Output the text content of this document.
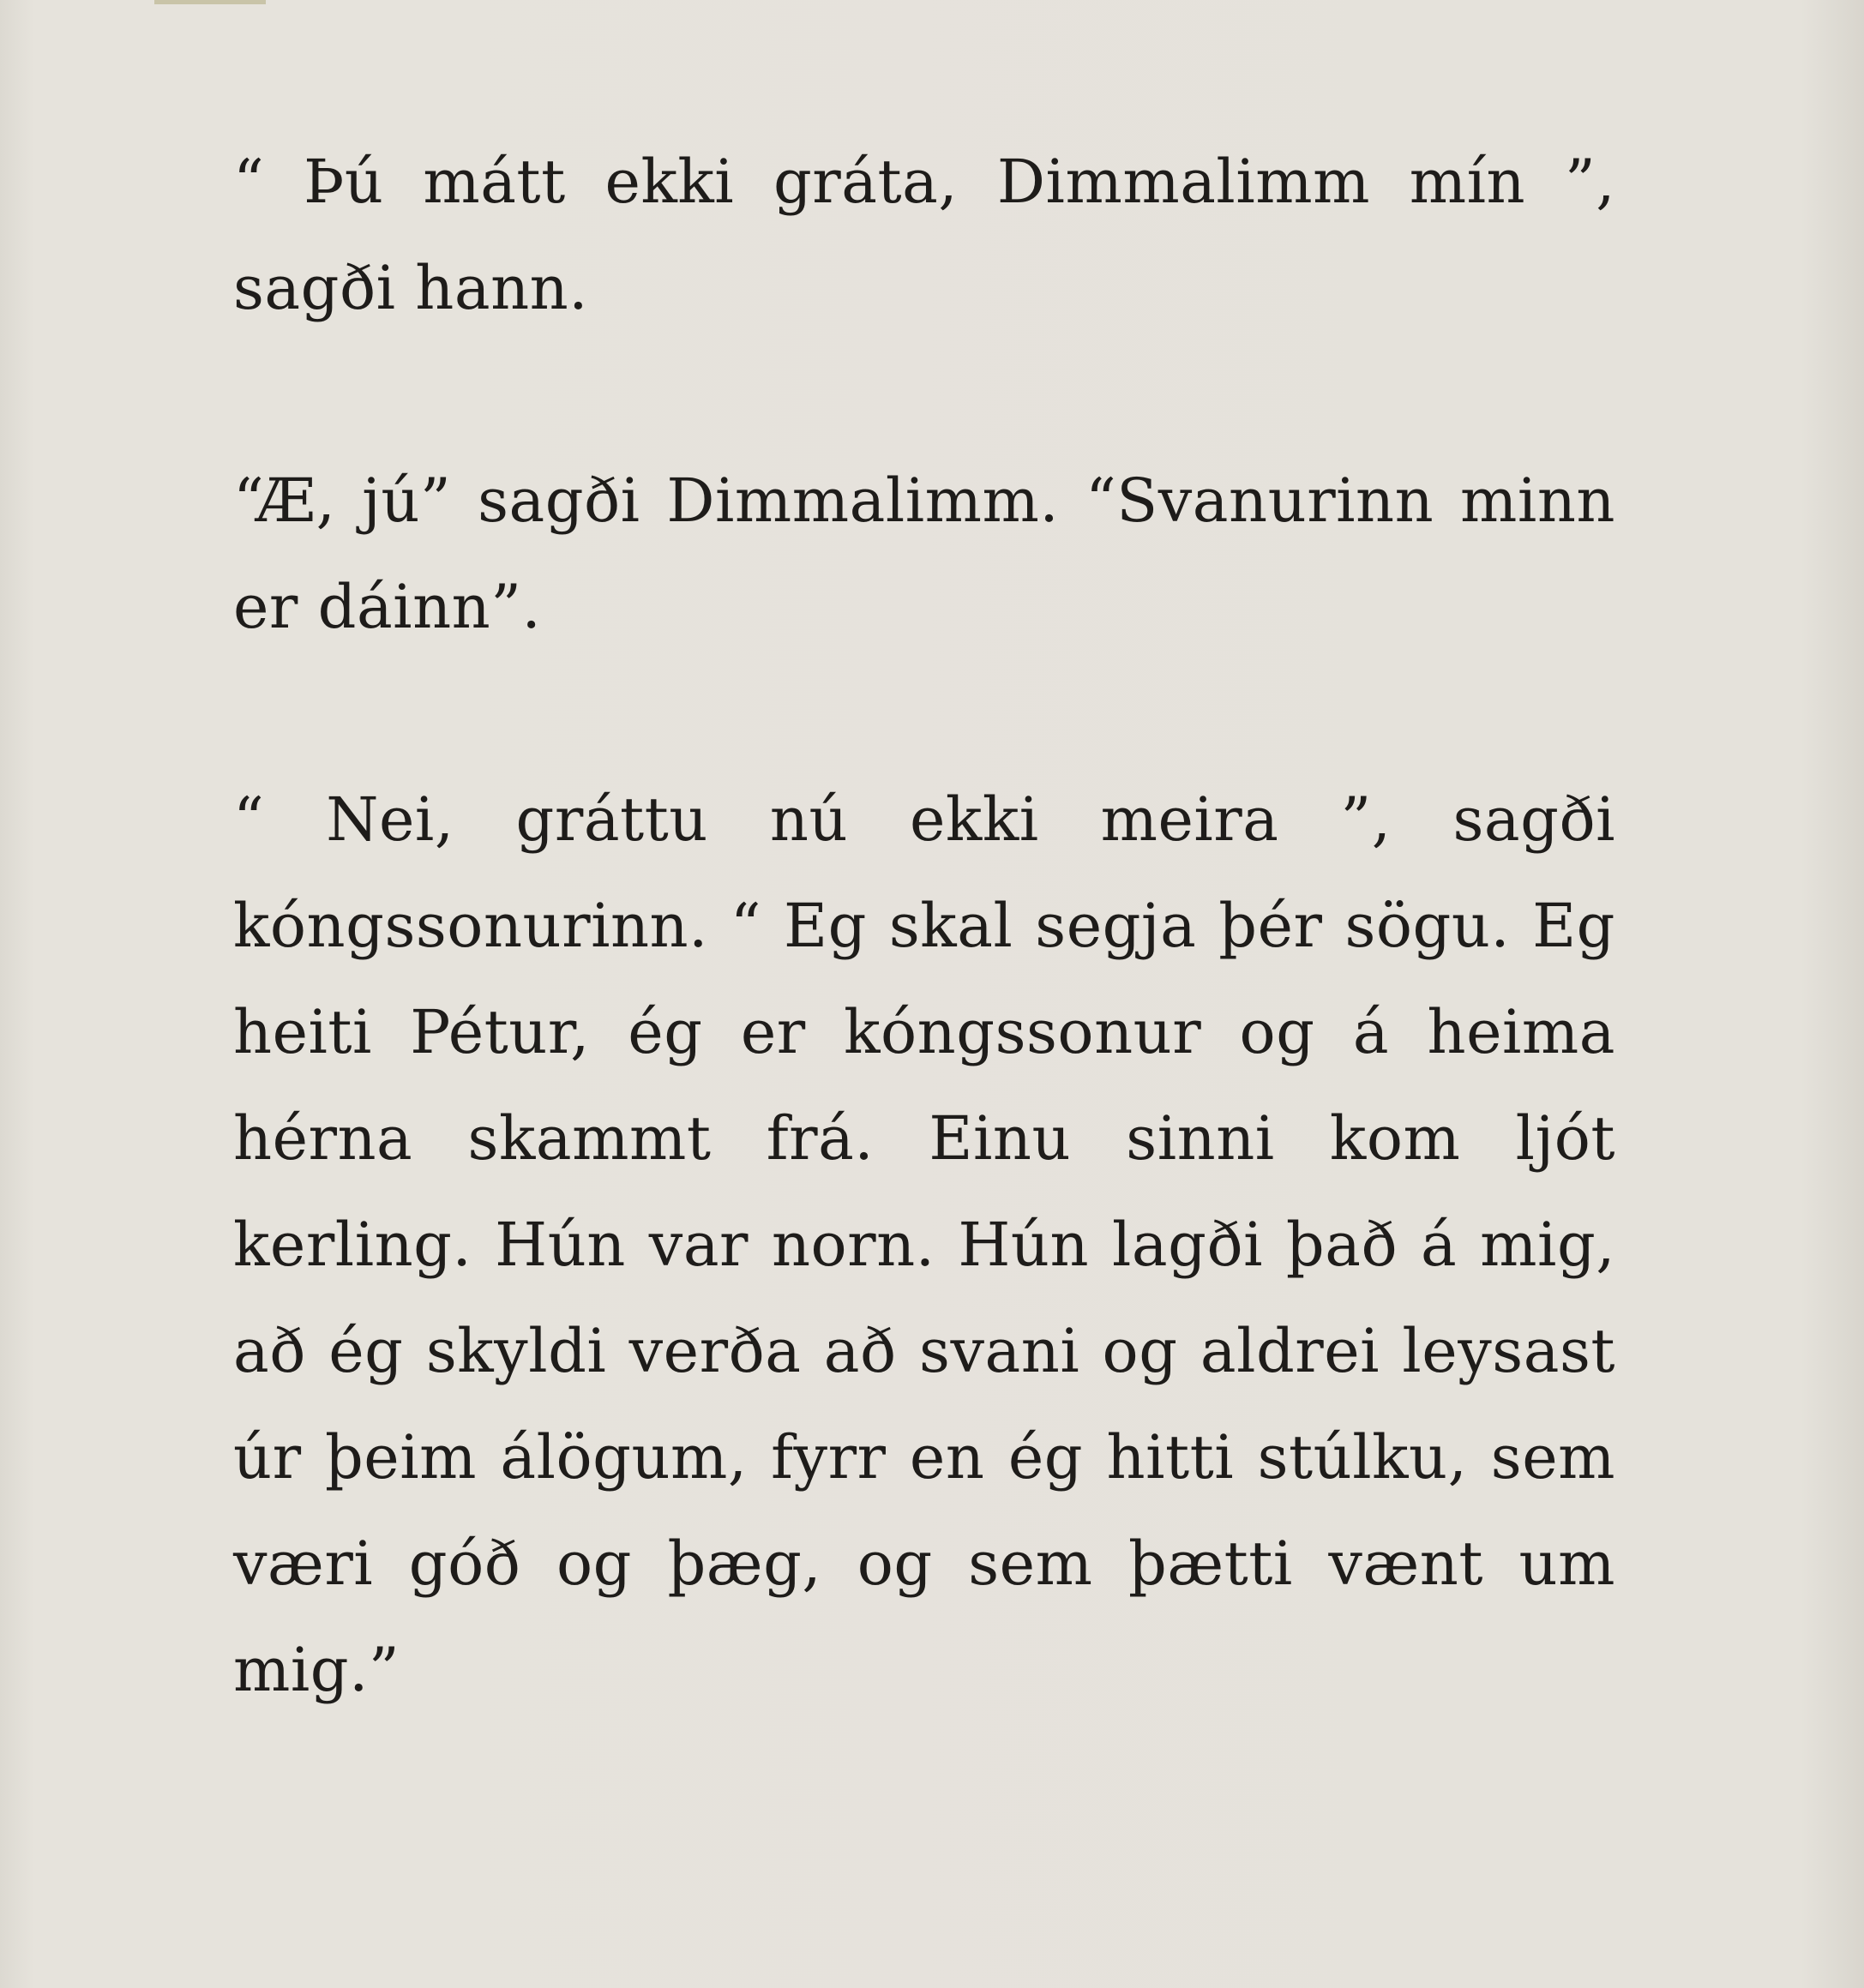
“ Þú mátt ekki gráta, Dimmalimm mín ”, sagði hann.

“Æ, jú” sagði Dimmalimm. “Svanurinn minn er dáinn”.

“ Nei, gráttu nú ekki meira ”, sagði kóngssonurinn. “ Eg skal segja þér sögu. Eg heiti Pétur, ég er kóngssonur og á heima hérna skammt frá. Einu sinni kom ljót kerling. Hún var norn. Hún lagði það á mig, að ég skyldi verða að svani og aldrei leysast úr þeim álögum, fyrr en ég hitti stúlku, sem væri góð og þæg, og sem þætti vænt um mig.”
